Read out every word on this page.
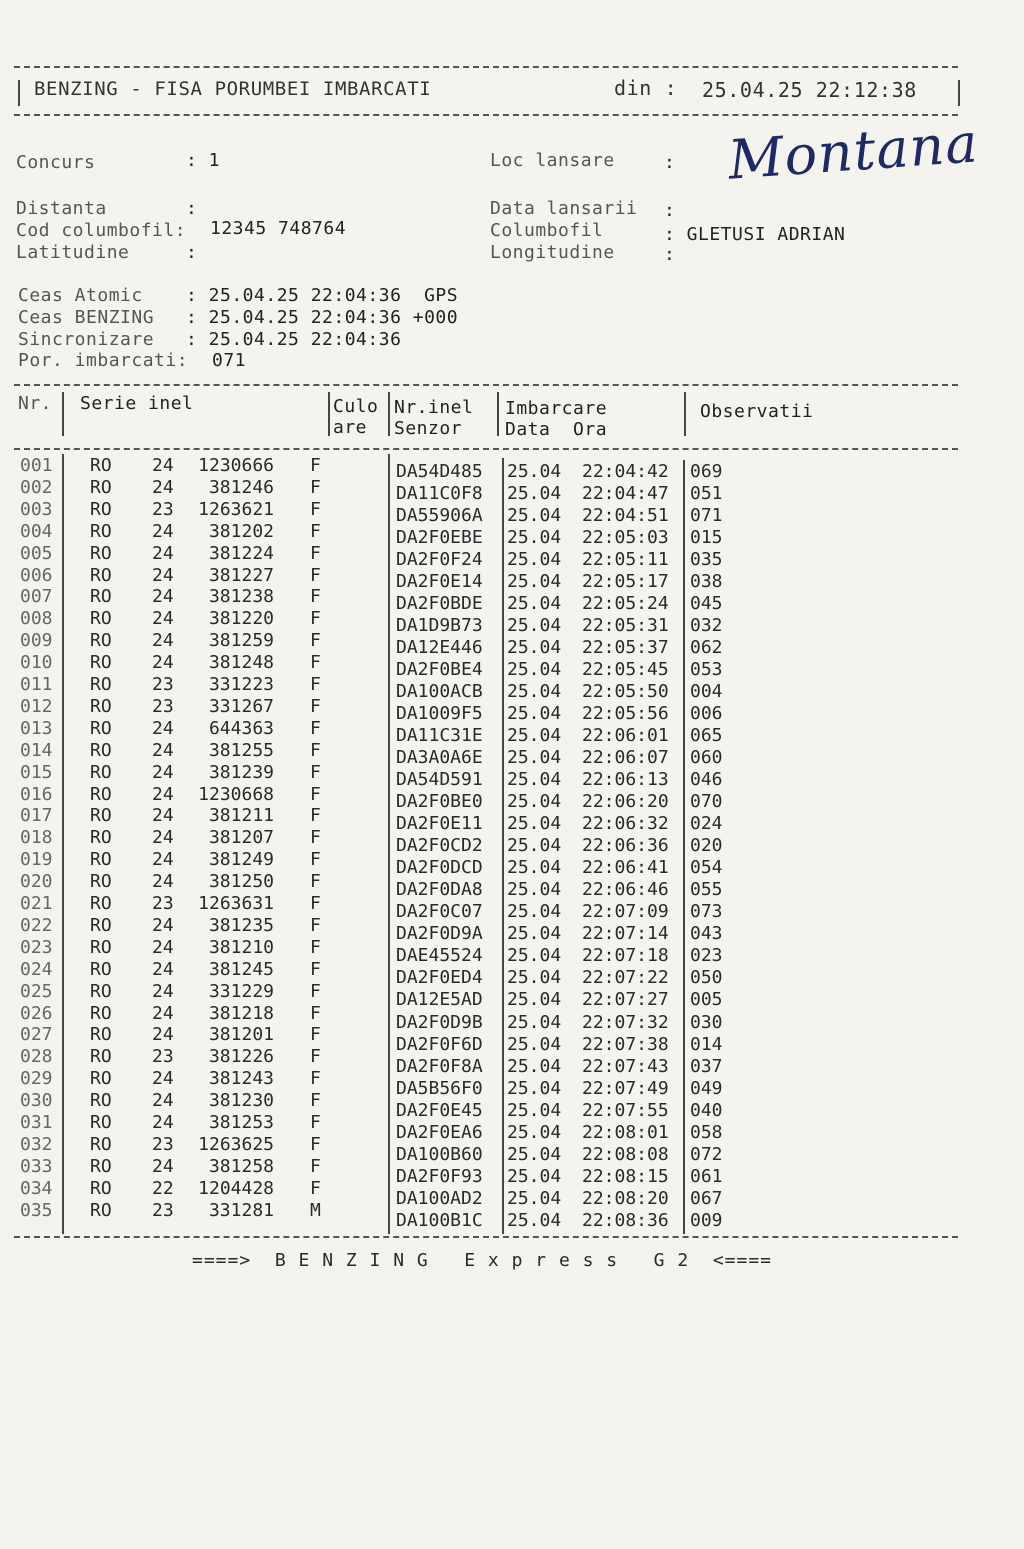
BENZING - FISA PORUMBEI IMBARCATI	din : 25.04.25 22:12:38
Concurs	: 1	Loc lansare	: Montana
Distanta	:	Data lansarii :
Cod columbofil: 12345 748764	Columbofil	: GLETUSI ADRIAN
Latitudine	:	Longitudine	:
Ceas Atomic : 25.04.25 22:04:36  GPS
Ceas BENZING : 25.04.25 22:04:36 +000
Sincronizare : 25.04.25 22:04:36
Por. imbarcati: 071
Nr. Serie inel	Culo
are
Nr.inel
Senzor
Imbarcare
Data  Ora
Observatii
001 RO 24	1230666 F	DA54D485 25.04 22:04:42 069
002 RO 24	381246 F	DA11C0F8 25.04 22:04:47 051
003 RO 23	1263621 F	DA55906A 25.04 22:04:51 071
004 RO 24	381202 F	DA2F0EBE 25.04 22:05:03 015
005 RO 24	381224 F	DA2F0F24 25.04 22:05:11 035
006 RO 24	381227 F	DA2F0E14 25.04 22:05:17 038
007 RO 24	381238 F	DA2F0BDE 25.04 22:05:24 045
008 RO 24	381220 F	DA1D9B73 25.04 22:05:31 032
009 RO 24	381259 F	DA12E446 25.04 22:05:37 062
010 RO 24	381248 F	DA2F0BE4 25.04 22:05:45 053
011 RO 23	331223 F	DA100ACB 25.04 22:05:50 004
012 RO 23	331267 F	DA1009F5 25.04 22:05:56 006
013 RO 24	644363 F	DA11C31E 25.04 22:06:01 065
014 RO 24	381255 F	DA3A0A6E 25.04 22:06:07 060
015 RO 24	381239 F	DA54D591 25.04 22:06:13 046
016 RO 24	1230668 F	DA2F0BE0 25.04 22:06:20 070
017 RO 24	381211 F	DA2F0E11 25.04 22:06:32 024
018 RO 24	381207 F	DA2F0CD2 25.04 22:06:36 020
019 RO 24	381249 F	DA2F0DCD 25.04 22:06:41 054
020 RO 24	381250 F	DA2F0DA8 25.04 22:06:46 055
021 RO 23	1263631 F	DA2F0C07 25.04 22:07:09 073
022 RO 24	381235 F	DA2F0D9A 25.04 22:07:14 043
023 RO 24	381210 F	DAE45524 25.04 22:07:18 023
024 RO 24	381245 F	DA2F0ED4 25.04 22:07:22 050
025 RO 24	331229 F	DA12E5AD 25.04 22:07:27 005
026 RO 24	381218 F	DA2F0D9B 25.04 22:07:32 030
027 RO 24	381201 F	DA2F0F6D 25.04 22:07:38 014
028 RO 23	381226 F	DA2F0F8A 25.04 22:07:43 037
029 RO 24	381243 F	DA5B56F0 25.04 22:07:49 049
030 RO 24	381230 F	DA2F0E45 25.04 22:07:55 040
031 RO 24	381253 F	DA2F0EA6 25.04 22:08:01 058
032 RO 23	1263625 F	DA100B60 25.04 22:08:08 072
033 RO 24	381258 F	DA2F0F93 25.04 22:08:15 061
034 RO 22	1204428 F	DA100AD2 25.04 22:08:20 067
035 RO 23	331281 M	DA100B1C 25.04 22:08:36 009
====>  B E N Z I N G   E x p r e s s   G 2  <====
